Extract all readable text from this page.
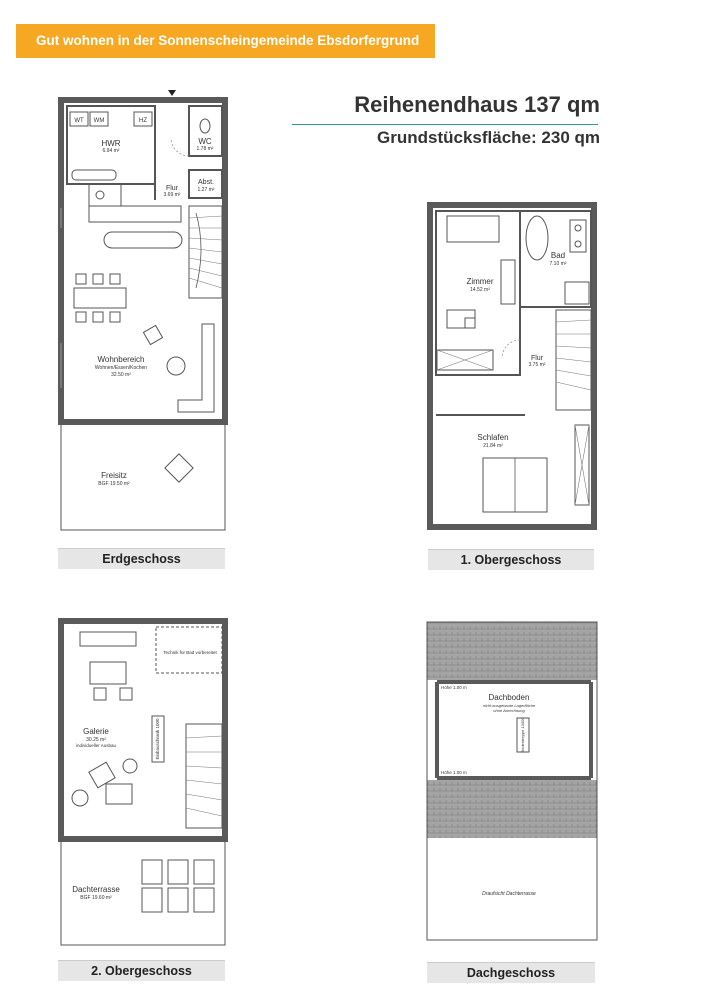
Gut wohnen in der Sonnenscheingemeinde Ebsdorfergrund
Reihenendhaus 137 qm
Grundstücksfläche: 230 qm
WT WM	HZ
HWR
6.94 m²
WC
1.78 m²
Abst.
1.27 m²
Flur
3.69 m²
Wohnbereich
Wohnen/Essen/Kochen
32.50 m²
Freisitz
BGF 19.50 m²
Erdgeschoss
Zimmer
14.52 m²
Bad
7.10 m²
Flur
3.75 m²
Schlafen
21.84 m²
1. Obergeschoss
Technik für Bad vorbereitet
Galerie
30.25 m²
individueller Ausbau	Einbauschrank 1000
Dachterrasse
BGF 19.60 m²
2. Obergeschoss
Höhe 1.00 m
Höhe 1.00 m
Dachboden
nicht ausgebaute Lagerfläche
ohne Anrechnung
Bodentreppe 13000
Draufsicht Dachterrasse
Dachgeschoss
